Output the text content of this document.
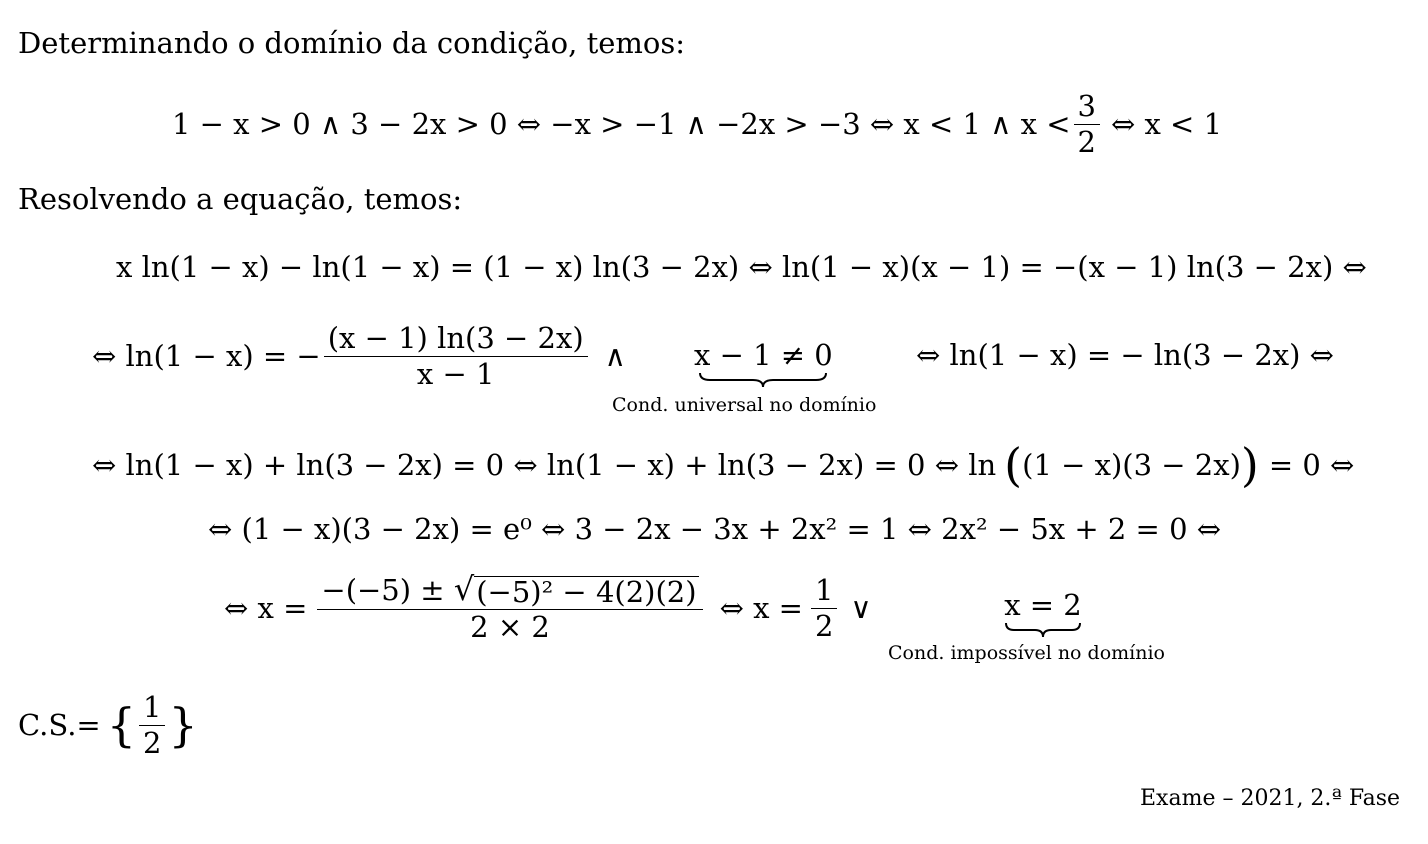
Determinando o domínio da condição, temos:
1 − x > 0 ∧ 3 − 2x > 0 ⇔ −x > −1 ∧ −2x > −3 ⇔ x < 1 ∧ $x < \frac{3}{2}$ ⇔ x < 1
Resolvendo a equação, temos:
x ln(1 − x) − ln(1 − x) = (1 − x) ln(3 − 2x) ⇔ ln(1 − x)(x − 1) = −(x − 1) ln(3 − 2x) ⇔
⇔ ln(1 − x) = − $\frac{(x - 1) \ln(3 - 2x)}{x - 1}$ ∧ x − 1 ≠ 0
Cond. universal no domínio
⇔ ln(1 − x) = − ln(3 − 2x) ⇔
⇔ ln(1 − x) + ln(3 − 2x) = 0 ⇔ ln(1 − x) + ln(3 − 2x) = 0 ⇔ ln ( (1 − x)(3 − 2x) ) = 0 ⇔
⇔ (1 − x)(3 − 2x) = e⁰ ⇔ 3 − 2x − 3x + 2x² = 1 ⇔ 2x² − 5x + 2 = 0 ⇔
⇔ $x = \frac{\text{−(−5) ± √ (−5)² − 4(2)(2)}}{2 \times 2}$ ⇔ $x = \frac{1}{2}$ ∨	x = 2
Cond. impossível no domínio
C.S.= { $\frac{1}{2}$ }
Exame – 2021, 2.ª Fase
